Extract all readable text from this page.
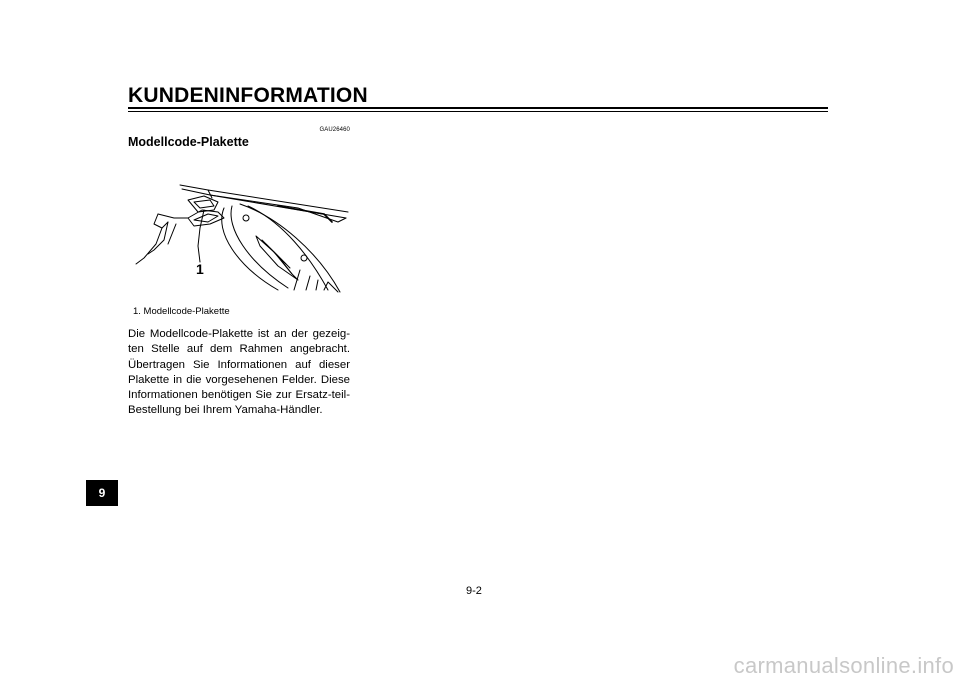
KUNDENINFORMATION
GAU26460
Modellcode-Plakette
1
1. Modellcode-Plakette

Die Modellcode-Plakette ist an der gezeig-ten Stelle auf dem Rahmen angebracht. Übertragen Sie Informationen auf dieser Plakette in die vorgesehenen Felder. Diese Informationen benötigen Sie zur Ersatz-teil-Bestellung bei Ihrem Yamaha-Händler.

9
9-2
carmanualsonline.info
